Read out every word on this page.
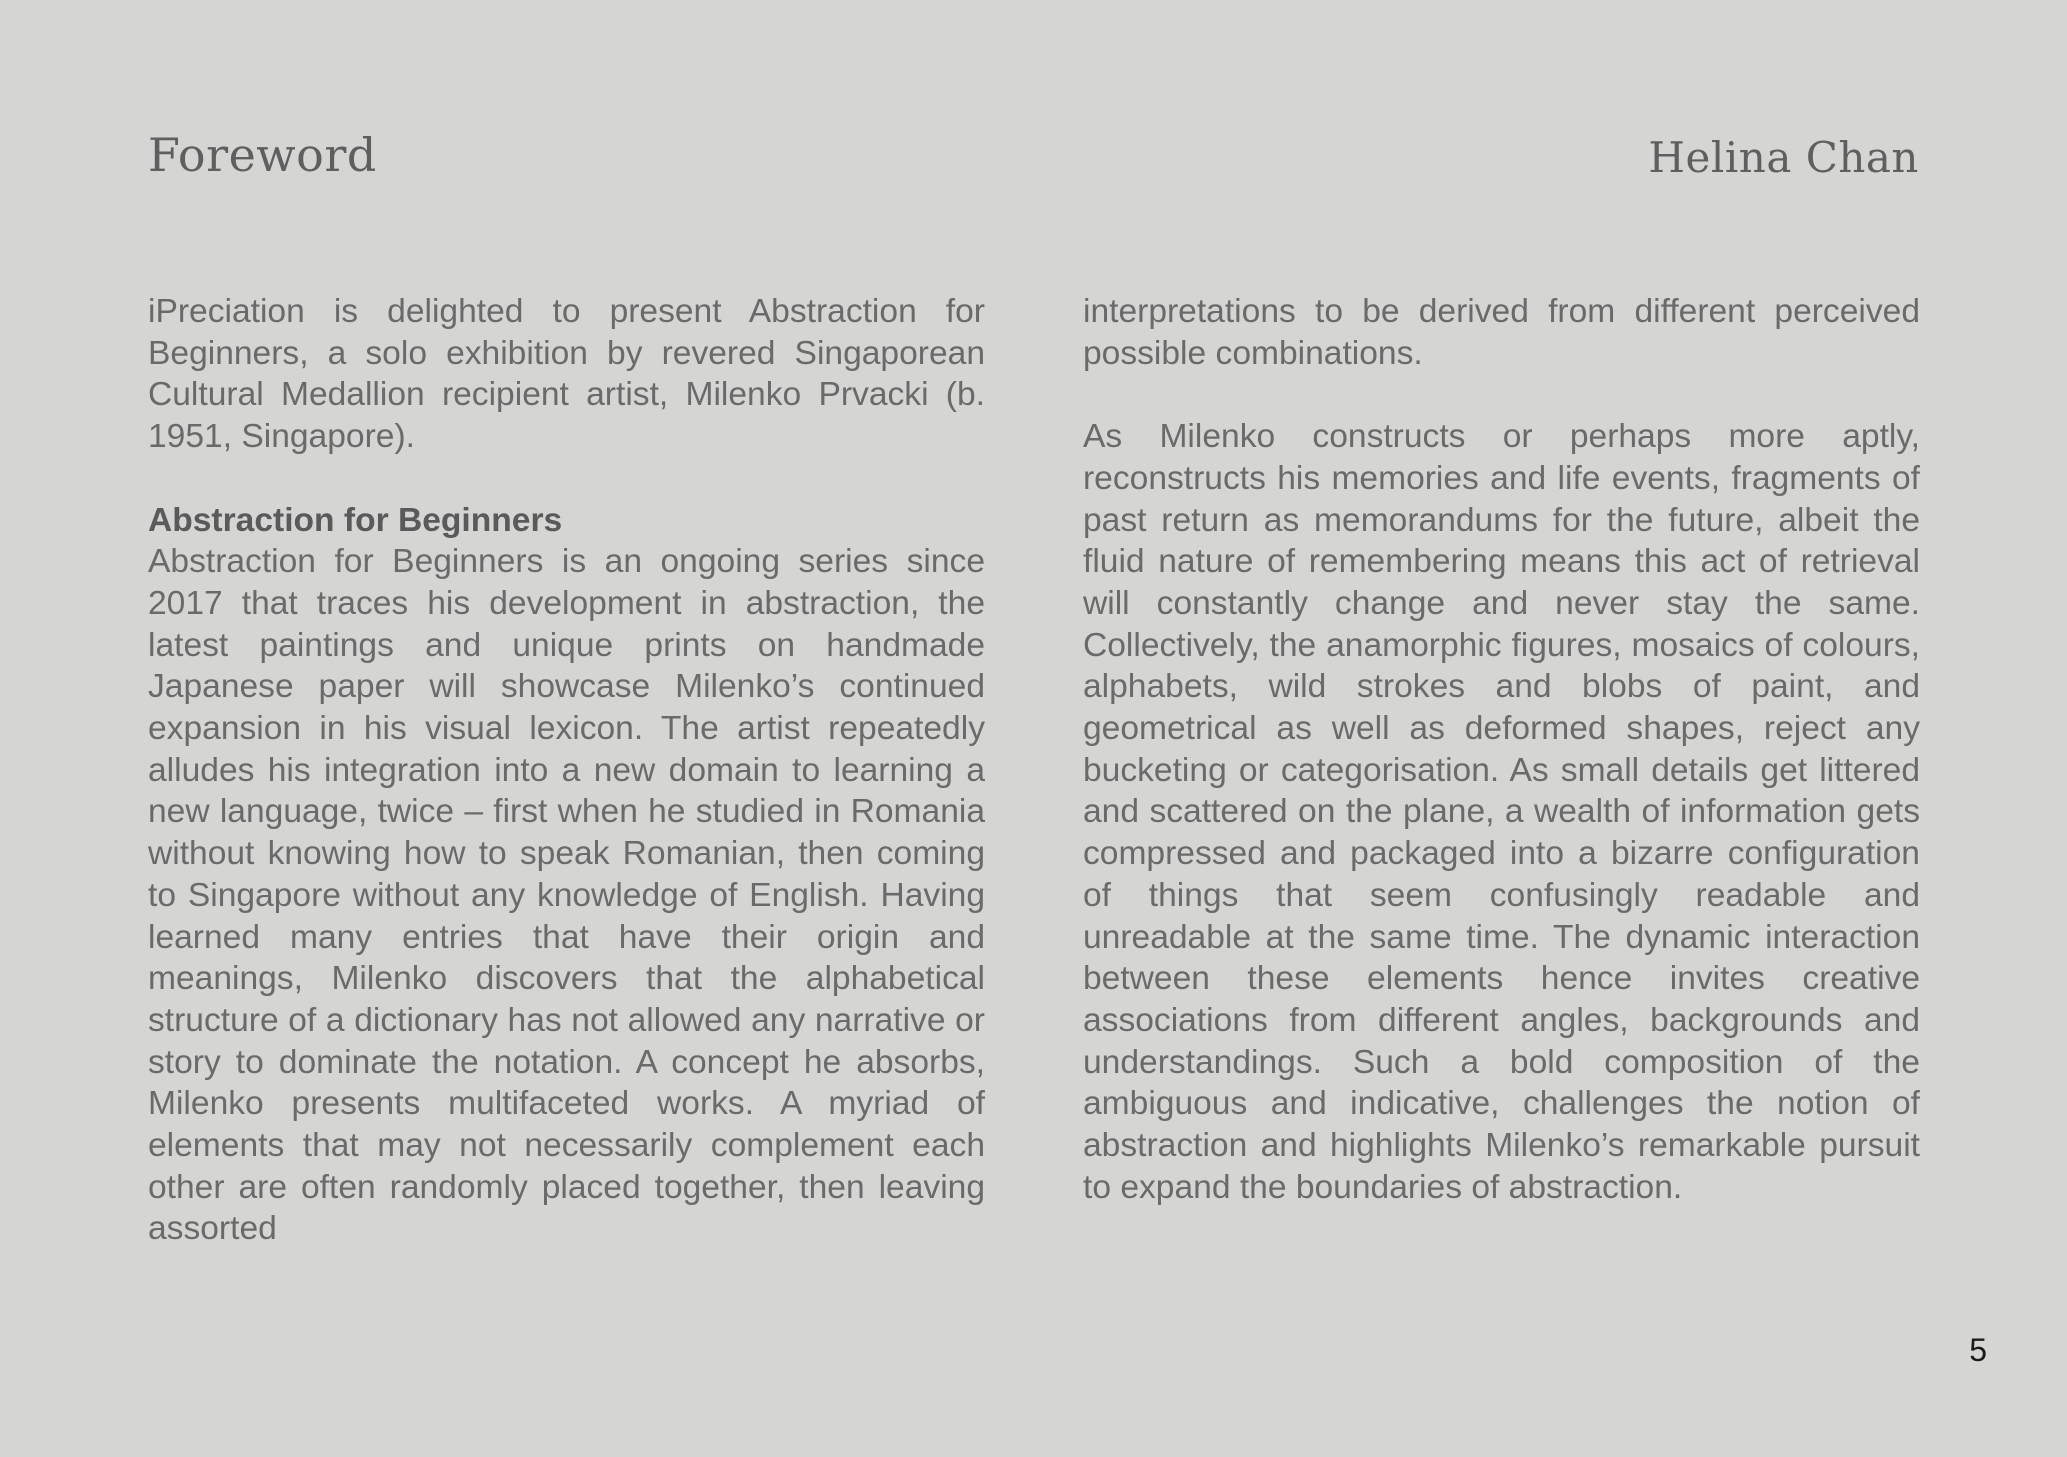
Foreword	Helina Chan

iPreciation is delighted to present Abstraction for Beginners, a solo exhibition by revered Singaporean Cultural Medallion recipient artist, Milenko Prvacki (b. 1951, Singapore).

Abstraction for Beginners
Abstraction for Beginners is an ongoing series since 2017 that traces his development in abstraction, the latest paintings and unique prints on handmade Japanese paper will showcase Milenko’s continued expansion in his visual lexicon. The artist repeatedly alludes his integration into a new domain to learning a new language, twice – first when he studied in Romania without knowing how to speak Romanian, then coming to Singapore without any knowledge of English. Having learned many entries that have their origin and meanings, Milenko discovers that the alphabetical structure of a dictionary has not allowed any narrative or story to dominate the notation. A concept he absorbs, Milenko presents multifaceted works. A myriad of elements that may not necessarily complement each other are often randomly placed together, then leaving assorted

interpretations to be derived from different perceived possible combinations.

As Milenko constructs or perhaps more aptly, reconstructs his memories and life events, fragments of past return as memorandums for the future, albeit the fluid nature of remembering means this act of retrieval will constantly change and never stay the same. Collectively, the anamorphic figures, mosaics of colours, alphabets, wild strokes and blobs of paint, and geometrical as well as deformed shapes, reject any bucketing or categorisation. As small details get littered and scattered on the plane, a wealth of information gets compressed and packaged into a bizarre configuration of things that seem confusingly readable and unreadable at the same time. The dynamic interaction between these elements hence invites creative associations from different angles, backgrounds and understandings. Such a bold composition of the ambiguous and indicative, challenges the notion of abstraction and highlights Milenko’s remarkable pursuit to expand the boundaries of abstraction.

5
